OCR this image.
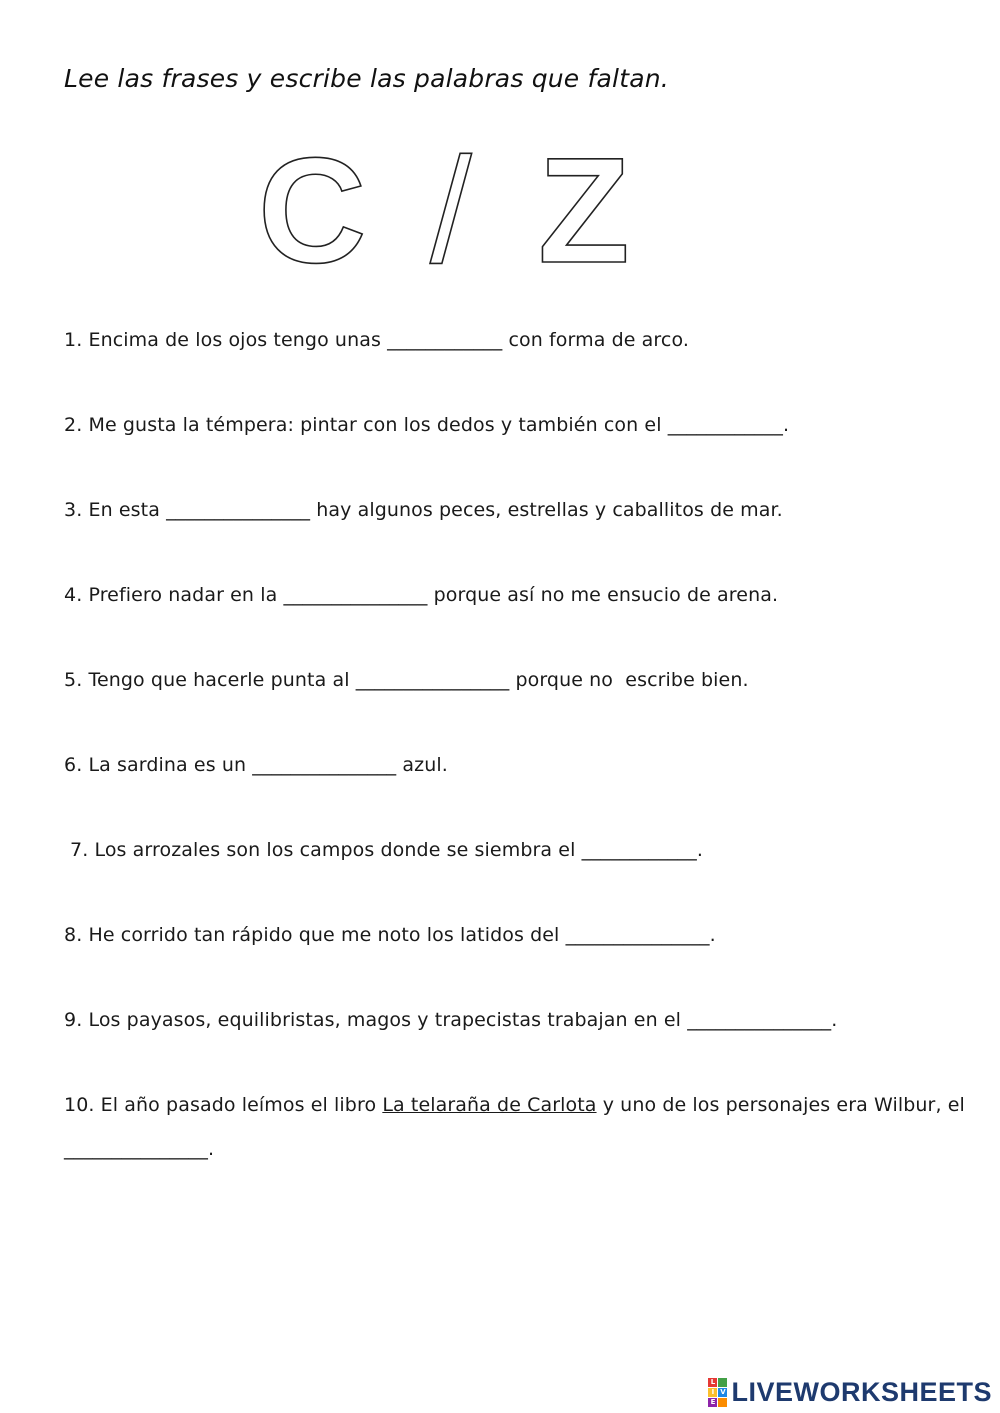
Lee las frases y escribe las palabras que faltan.
C / Z
1. Encima de los ojos tengo unas ____________ con forma de arco.
2. Me gusta la témpera: pintar con los dedos y también con el ____________.
3. En esta _______________ hay algunos peces, estrellas y caballitos de mar.
4. Prefiero nadar en la _______________ porque así no me ensucio de arena.
5. Tengo que hacerle punta al ________________ porque no  escribe bien.
6. La sardina es un _______________ azul.
7. Los arrozales son los campos donde se siembra el ____________.
8. He corrido tan rápido que me noto los latidos del _______________.
9. Los payasos, equilibristas, magos y trapecistas trabajan en el _______________.
10. El año pasado leímos el libro La telaraña de Carlota y uno de los personajes era Wilbur, el
_______________.
L
I V
E LIVEWORKSHEETS
